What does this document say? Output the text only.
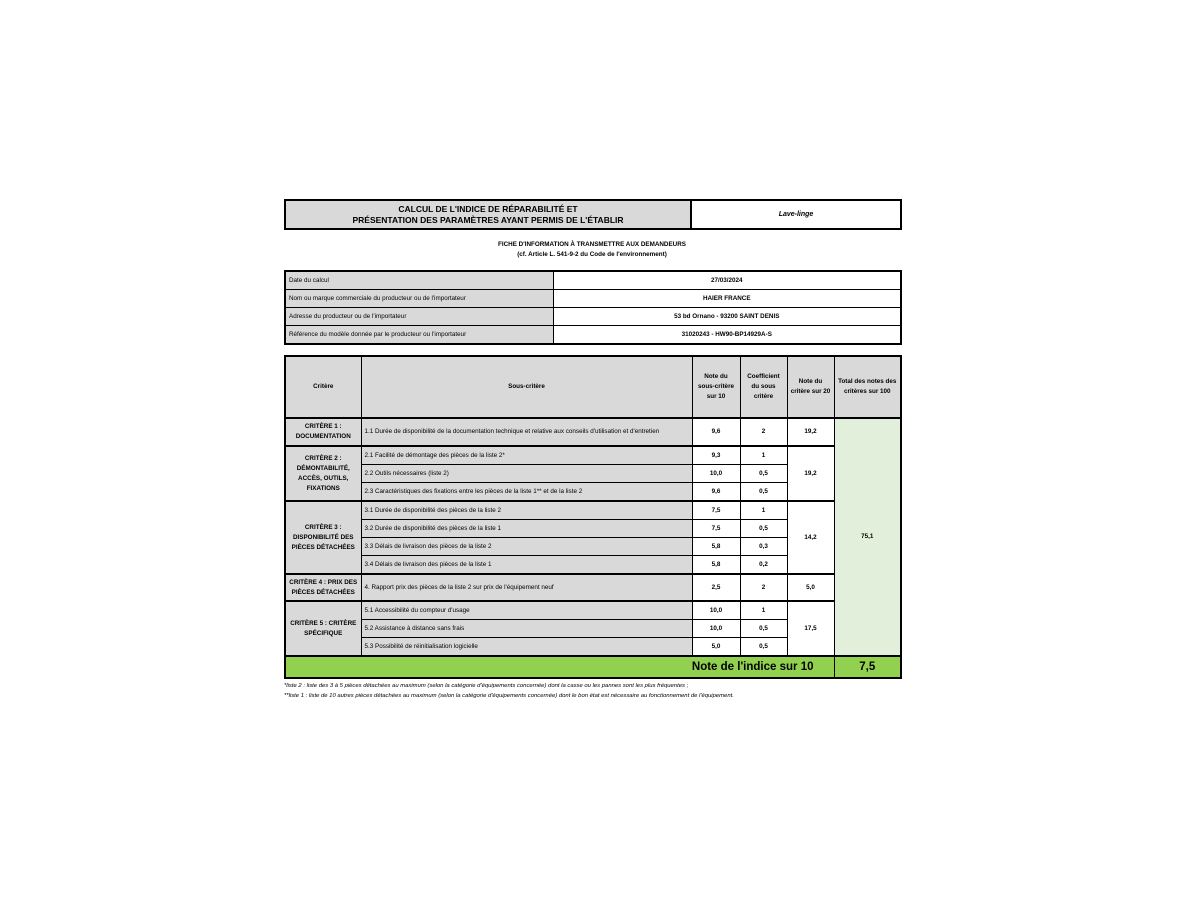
CALCUL DE L'INDICE DE RÉPARABILITÉ ET
PRÉSENTATION DES PARAMÈTRES AYANT PERMIS DE L'ÉTABLIR	Lave-linge
FICHE D'INFORMATION À TRANSMETTRE AUX DEMANDEURS
(cf. Article L. 541-9-2 du Code de l'environnement)
Date du calcul	27/03/2024
Nom ou marque commerciale du producteur ou de l'importateur	HAIER FRANCE
Adresse du producteur ou de l'importateur	53 bd Ornano - 93200 SAINT DENIS
Référence du modèle donnée par le producteur ou l'importateur	31020243 - HW90-BP14929A-S
Critère	Sous-critère	Note du sous-critère sur 10	Coefficient du sous critère	Note du critère sur 20	Total des notes des critères sur 100
CRITÈRE 1 : DOCUMENTATION	1.1 Durée de disponibilité de la documentation technique et relative aux conseils d'utilisation et d'entretien	9,6	2	19,2	75,1
CRITÈRE 2 : DÉMONTABILITÉ, ACCÈS, OUTILS, FIXATIONS	2.1 Facilité de démontage des pièces de la liste 2*	9,3	1	19,2	
	2.2 Outils nécessaires (liste 2)	10,0	0,5		
	2.3 Caractéristiques des fixations entre les pièces de la liste 1** et de la liste 2	9,6	0,5		
CRITÈRE 3 : DISPONIBILITÉ DES PIÈCES DÉTACHÉES	3.1 Durée de disponibilité des pièces de la liste 2	7,5	1	14,2	
	3.2 Durée de disponibilité des pièces de la liste 1	7,5	0,5		
	3.3 Délais de livraison des pièces de la liste 2	5,8	0,3		
	3.4 Délais de livraison des pièces de la liste 1	5,8	0,2		
CRITÈRE 4 : PRIX DES PIÈCES DÉTACHÉES	4. Rapport prix des pièces de la liste 2 sur prix de l'équipement neuf	2,5	2	5,0	
CRITÈRE 5 : CRITÈRE SPÉCIFIQUE	5.1 Accessibilité du compteur d'usage	10,0	1	17,5	
	5.2 Assistance à distance sans frais	10,0	0,5		
	5.3 Possibilité de réinitialisation logicielle	5,0	0,5		
Note de l'indice sur 10					7,5
*liste 2 : liste des 3 à 5 pièces détachées au maximum (selon la catégorie d'équipements concernée) dont la casse ou les pannes sont les plus fréquentes ;
**liste 1 : liste de 10 autres pièces détachées au maximum (selon la catégorie d'équipements concernée) dont le bon état est nécessaire au fonctionnement de l'équipement.
